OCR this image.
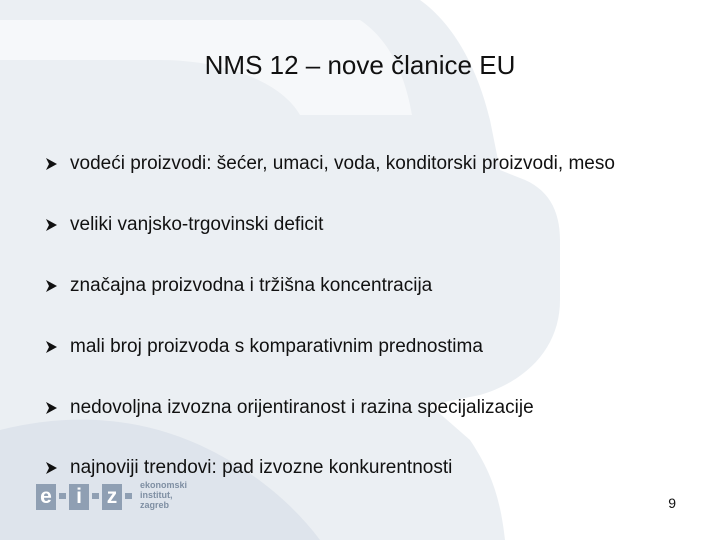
NMS 12 – nove članice EU
vodeći proizvodi: šećer, umaci, voda, konditorski proizvodi, meso
veliki vanjsko-trgovinski deficit
značajna proizvodna i tržišna koncentracija
mali broj proizvoda s komparativnim prednostima
nedovoljna izvozna orijentiranost i razina specijalizacije
najnoviji trendovi: pad izvozne konkurentnosti
e	i	z	ekonomski
institut,
zagreb	9
